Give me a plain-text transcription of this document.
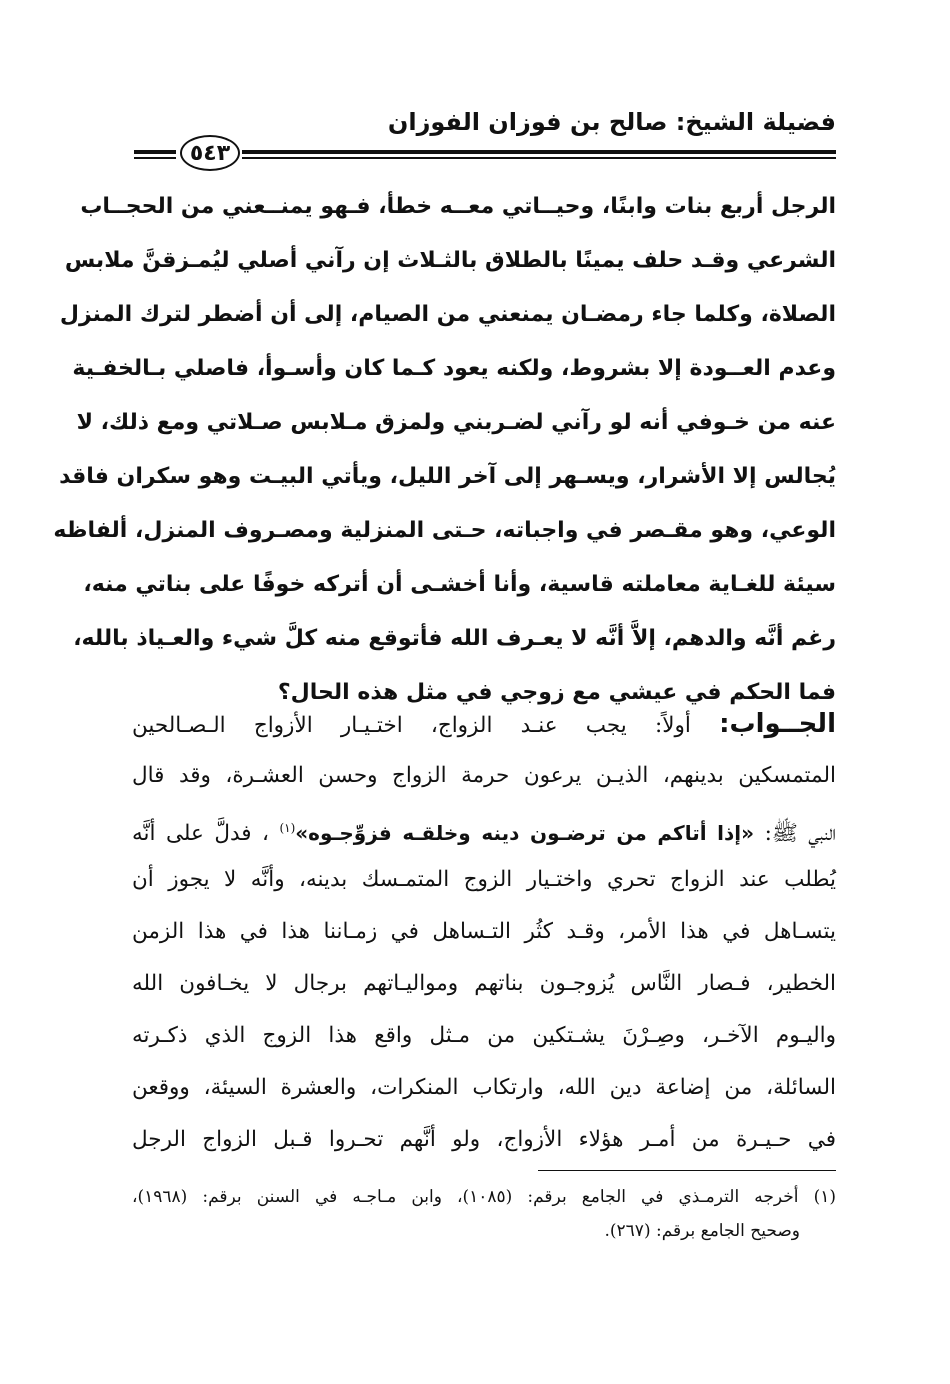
فضيلة الشيخ: صالح بن فوزان الفوزان
٥٤٣
الرجل أربع بنات وابنًا، وحيــاتي معــه خطأ، فـهو يمنــعني من الحجــاب
الشرعي وقـد حلف يمينًا بالطلاق بالثـلاث إن رآني أصلي ليُمـزقنَّ ملابس
الصلاة، وكلما جاء رمضـان يمنعني من الصيام، إلى أن أضطر لترك المنزل
وعدم العــودة إلا بشروط، ولكنه يعود كـما كان وأسـوأ، فاصلي بـالخفـية
عنه من خـوفي أنه لو رآني لضـربني ولمزق مـلابس صـلاتي ومع ذلك، لا
يُجالس إلا الأشرار، ويسـهر إلى آخر الليل، ويأتي البيـت وهو سكران فاقد
الوعي، وهو مقـصر في واجباته، حـتى المنزلية ومصـروف المنزل، ألفاظه
سيئة للغـاية معاملته قاسية، وأنا أخشـى أن أتركه خوفًا على بناتي منه،
رغم أنَّه والدهم، إلاَّ أنَّه لا يعـرف الله فأتوقع منه كلَّ شيء والعـياذ بالله،
فما الحكم في عيشي مع زوجي في مثل هذه الحال؟
الجــواب: أولاً: يجب عنـد الزواج، اختـيـار الأزواج الـصـالحين
المتمسكين بدينهم، الذيـن يرعون حرمة الزواج وحسن العشـرة، وقد قال
النبي ﷺ: «إذا أتاكم من ترضـون دينه وخلقـه فزوِّجـوه»$^{(١)}$ ، فدلَّ على أنَّه
يُطلب عند الزواج تحري واختـيار الزوج المتمـسك بدينه، وأنَّه لا يجوز أن
يتسـاهل في هذا الأمر، وقـد كثُر التـساهل في زمـاننا هذا في هذا الزمن
الخطير، فـصار النَّاس يُزوجـون بناتهم ومواليـاتهم برجال لا يخـافون الله
واليـوم الآخـر، وصِـرْنَ يشـتكين من مـثل واقع هذا الزوج الذي ذكـرته
السائلة، من إضاعة دين الله، وارتكاب المنكرات، والعشرة السيئة، ووقعن
في حـيـرة من أمـر هؤلاء الأزواج، ولو أنَّهم تحـروا قـبل الزواج الرجل
(١) أخرجه الترمـذي في الجامع برقم: (١٠٨٥)، وابن مـاجـه في السنن برقم: (١٩٦٨)،
وصحيح الجامع برقم: (٢٦٧).
